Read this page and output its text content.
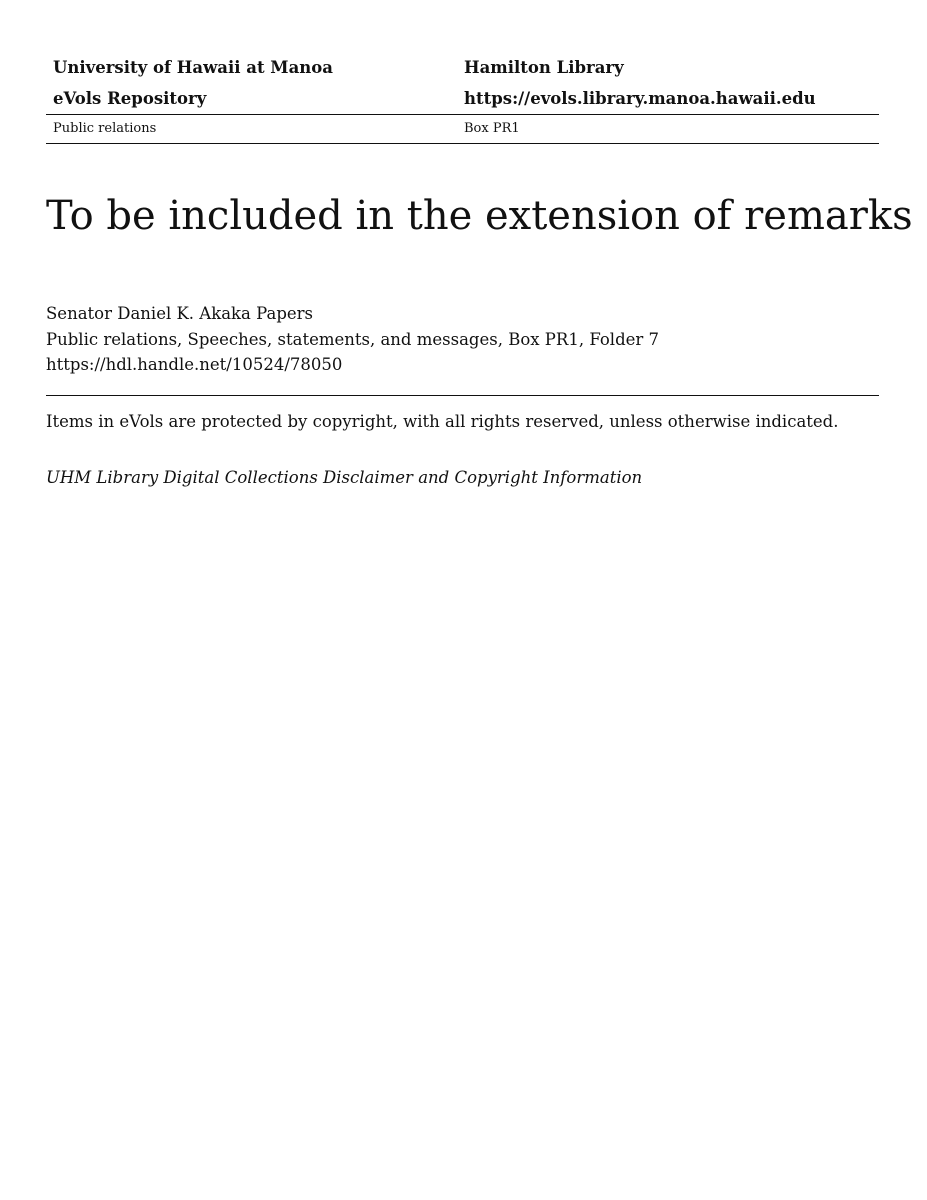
University of Hawaii at Manoa	Hamilton Library
eVols Repository	https://evols.library.manoa.hawaii.edu
Public relations	Box PR1
To be included in the extension of remarks
Senator Daniel K. Akaka Papers
Public relations, Speeches, statements, and messages, Box PR1, Folder 7
https://hdl.handle.net/10524/78050
Items in eVols are protected by copyright, with all rights reserved, unless otherwise indicated.
UHM Library Digital Collections Disclaimer and Copyright Information
